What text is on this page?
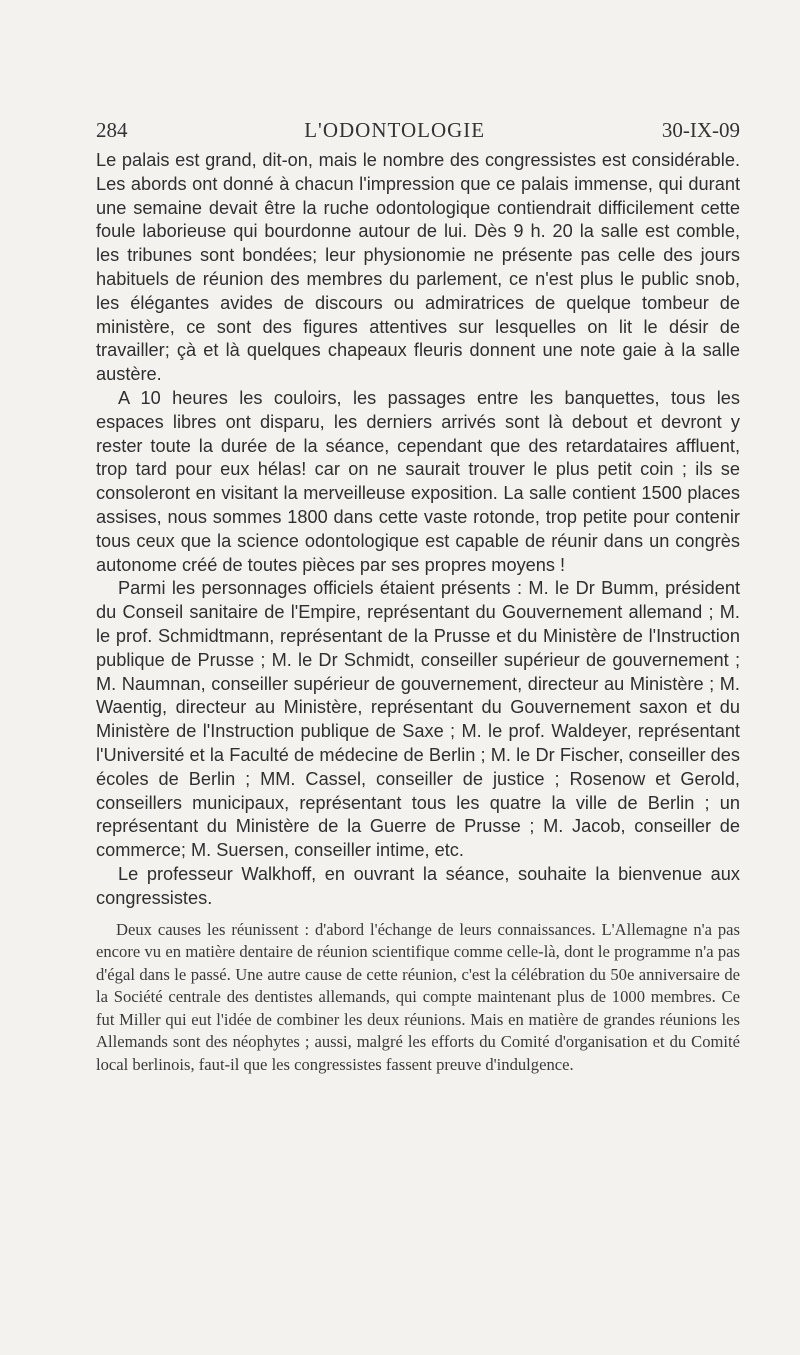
284	L'ODONTOLOGIE	30-IX-09

Le palais est grand, dit-on, mais le nombre des congressistes est considérable. Les abords ont donné à chacun l'impression que ce palais immense, qui durant une semaine devait être la ruche odontologique contiendrait difficilement cette foule laborieuse qui bourdonne autour de lui. Dès 9 h. 20 la salle est comble, les tribunes sont bondées; leur physionomie ne présente pas celle des jours habituels de réunion des membres du parlement, ce n'est plus le public snob, les élégantes avides de discours ou admiratrices de quelque tombeur de ministère, ce sont des figures attentives sur lesquelles on lit le désir de travailler; çà et là quelques chapeaux fleuris donnent une note gaie à la salle austère.

A 10 heures les couloirs, les passages entre les banquettes, tous les espaces libres ont disparu, les derniers arrivés sont là debout et devront y rester toute la durée de la séance, cependant que des retardataires affluent, trop tard pour eux hélas! car on ne saurait trouver le plus petit coin ; ils se consoleront en visitant la merveilleuse exposition. La salle contient 1500 places assises, nous sommes 1800 dans cette vaste rotonde, trop petite pour contenir tous ceux que la science odontologique est capable de réunir dans un congrès autonome créé de toutes pièces par ses propres moyens !

Parmi les personnages officiels étaient présents : M. le Dr Bumm, président du Conseil sanitaire de l'Empire, représentant du Gouvernement allemand ; M. le prof. Schmidtmann, représentant de la Prusse et du Ministère de l'Instruction publique de Prusse ; M. le Dr Schmidt, conseiller supérieur de gouvernement ; M. Naumnan, conseiller supérieur de gouvernement, directeur au Ministère ; M. Waentig, directeur au Ministère, représentant du Gouvernement saxon et du Ministère de l'Instruction publique de Saxe ; M. le prof. Waldeyer, représentant l'Université et la Faculté de médecine de Berlin ; M. le Dr Fischer, conseiller des écoles de Berlin ; MM. Cassel, conseiller de justice ; Rosenow et Gerold, conseillers municipaux, représentant tous les quatre la ville de Berlin ; un représentant du Ministère de la Guerre de Prusse ; M. Jacob, conseiller de commerce; M. Suersen, conseiller intime, etc.

Le professeur Walkhoff, en ouvrant la séance, souhaite la bienvenue aux congressistes.

Deux causes les réunissent : d'abord l'échange de leurs connaissances. L'Allemagne n'a pas encore vu en matière dentaire de réunion scientifique comme celle-là, dont le programme n'a pas d'égal dans le passé. Une autre cause de cette réunion, c'est la célébration du 50e anniversaire de la Société centrale des dentistes allemands, qui compte maintenant plus de 1000 membres. Ce fut Miller qui eut l'idée de combiner les deux réunions. Mais en matière de grandes réunions les Allemands sont des néophytes ; aussi, malgré les efforts du Comité d'organisation et du Comité local berlinois, faut-il que les congressistes fassent preuve d'indulgence.
